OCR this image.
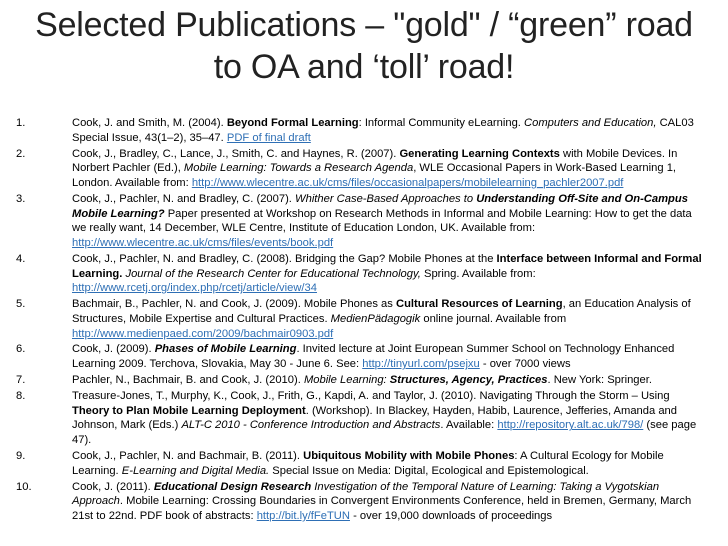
Selected Publications – "gold" / “green” road
to OA and ‘toll’ road!
1.	Cook, J. and Smith, M. (2004). Beyond Formal Learning: Informal Community eLearning. Computers and Education, CAL03 Special Issue, 43(1–2), 35–47. PDF of final draft
2.	Cook, J., Bradley, C., Lance, J., Smith, C. and Haynes, R. (2007). Generating Learning Contexts with Mobile Devices. In Norbert Pachler (Ed.), Mobile Learning: Towards a Research Agenda, WLE Occasional Papers in Work-Based Learning 1, London. Available from: http://www.wlecentre.ac.uk/cms/files/occasionalpapers/mobilelearning_pachler2007.pdf
3.	Cook, J., Pachler, N. and Bradley, C. (2007). Whither Case-Based Approaches to Understanding Off-Site and On-Campus Mobile Learning? Paper presented at Workshop on Research Methods in Informal and Mobile Learning: How to get the data we really want, 14 December, WLE Centre, Institute of Education London, UK. Available from: http://www.wlecentre.ac.uk/cms/files/events/book.pdf
4.	Cook, J., Pachler, N. and Bradley, C. (2008). Bridging the Gap? Mobile Phones at the Interface between Informal and Formal Learning. Journal of the Research Center for Educational Technology, Spring. Available from: http://www.rcetj.org/index.php/rcetj/article/view/34
5.	Bachmair, B., Pachler, N. and Cook, J. (2009). Mobile Phones as Cultural Resources of Learning, an Education Analysis of Structures, Mobile Expertise and Cultural Practices. MedienPädagogik online journal. Available from http://www.medienpaed.com/2009/bachmair0903.pdf
6.	Cook, J. (2009). Phases of Mobile Learning. Invited lecture at Joint European Summer School on Technology Enhanced Learning 2009. Terchova, Slovakia, May 30 - June 6. See: http://tinyurl.com/psejxu - over 7000 views
7.	Pachler, N., Bachmair, B. and Cook, J. (2010). Mobile Learning: Structures, Agency, Practices. New York: Springer.
8.	Treasure-Jones, T., Murphy, K., Cook, J., Frith, G., Kapdi, A. and Taylor, J. (2010). Navigating Through the Storm – Using Theory to Plan Mobile Learning Deployment. (Workshop). In Blackey, Hayden, Habib, Laurence, Jefferies, Amanda and Johnson, Mark (Eds.) ALT-C 2010 - Conference Introduction and Abstracts. Available: http://repository.alt.ac.uk/798/ (see page 47).
9.	Cook, J., Pachler, N. and Bachmair, B. (2011). Ubiquitous Mobility with Mobile Phones: A Cultural Ecology for Mobile Learning. E-Learning and Digital Media. Special Issue on Media: Digital, Ecological and Epistemological.
10.	Cook, J. (2011). Educational Design Research Investigation of the Temporal Nature of Learning: Taking a Vygotskian Approach. Mobile Learning: Crossing Boundaries in Convergent Environments Conference, held in Bremen, Germany, March 21st to 22nd. PDF book of abstracts: http://bit.ly/fFeTUN - over 19,000 downloads of proceedings
